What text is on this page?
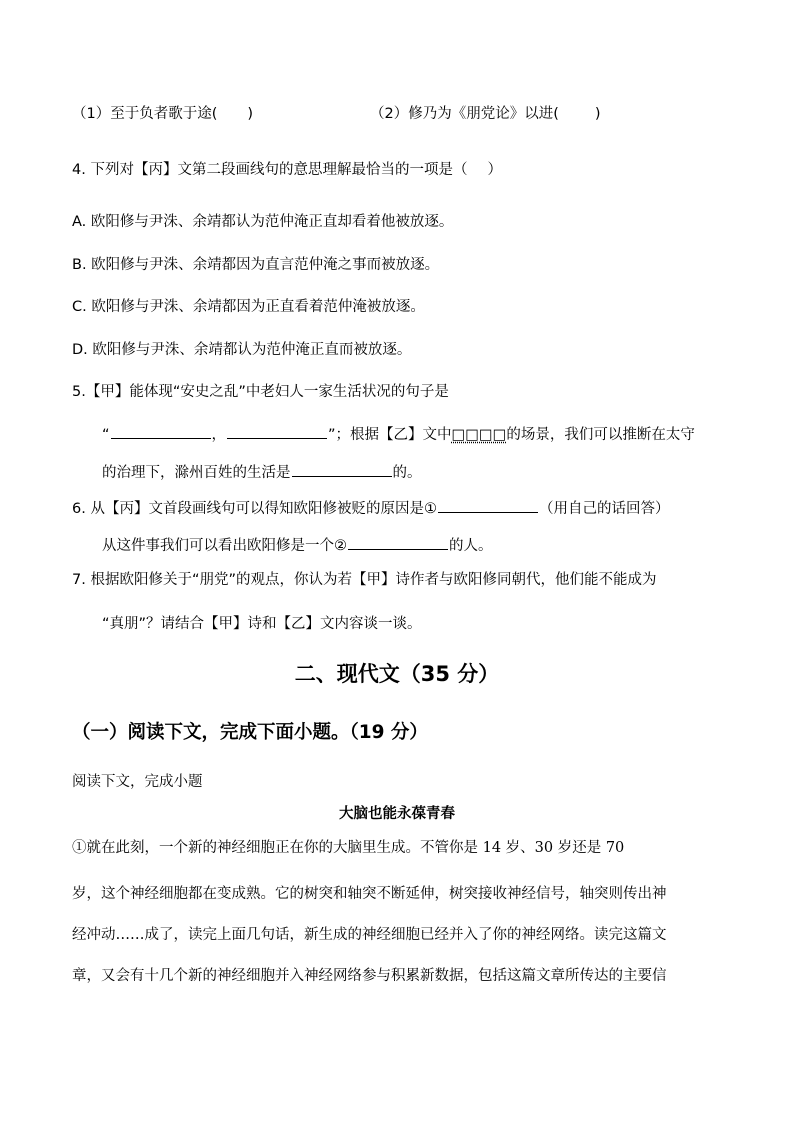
（1）至于负者歌于途( )	（2）修乃为《朋党论》以进( )
4. 下列对【丙】文第二段画线句的意思理解最恰当的一项是（ ）
A. 欧阳修与尹洙、余靖都认为范仲淹正直却看着他被放逐。
B. 欧阳修与尹洙、余靖都因为直言范仲淹之事而被放逐。
C. 欧阳修与尹洙、余靖都因为正直看着范仲淹被放逐。
D. 欧阳修与尹洙、余靖都认为范仲淹正直而被放逐。
5.【甲】能体现“安史之乱”中老妇人一家生活状况的句子是
“	，	”；根据【乙】文中□□□□的场景，我们可以推断在太守
的治理下，滁州百姓的生活是	的。
6. 从【丙】文首段画线句可以得知欧阳修被贬的原因是①	（用自己的话回答）
从这件事我们可以看出欧阳修是一个②	的人。
7. 根据欧阳修关于“朋党”的观点，你认为若【甲】诗作者与欧阳修同朝代，他们能不能成为
“真朋”？请结合【甲】诗和【乙】文内容谈一谈。
二、现代文（35 分）
（一）阅读下文，完成下面小题。（19 分）
阅读下文，完成小题
大脑也能永葆青春
①就在此刻，一个新的神经细胞正在你的大脑里生成。不管你是 14 岁、30 岁还是 70
岁，这个神经细胞都在变成熟。它的树突和轴突不断延伸，树突接收神经信号，轴突则传出神
经冲动……成了，读完上面几句话，新生成的神经细胞已经并入了你的神经网络。读完这篇文
章，又会有十几个新的神经细胞并入神经网络参与积累新数据，包括这篇文章所传达的主要信
